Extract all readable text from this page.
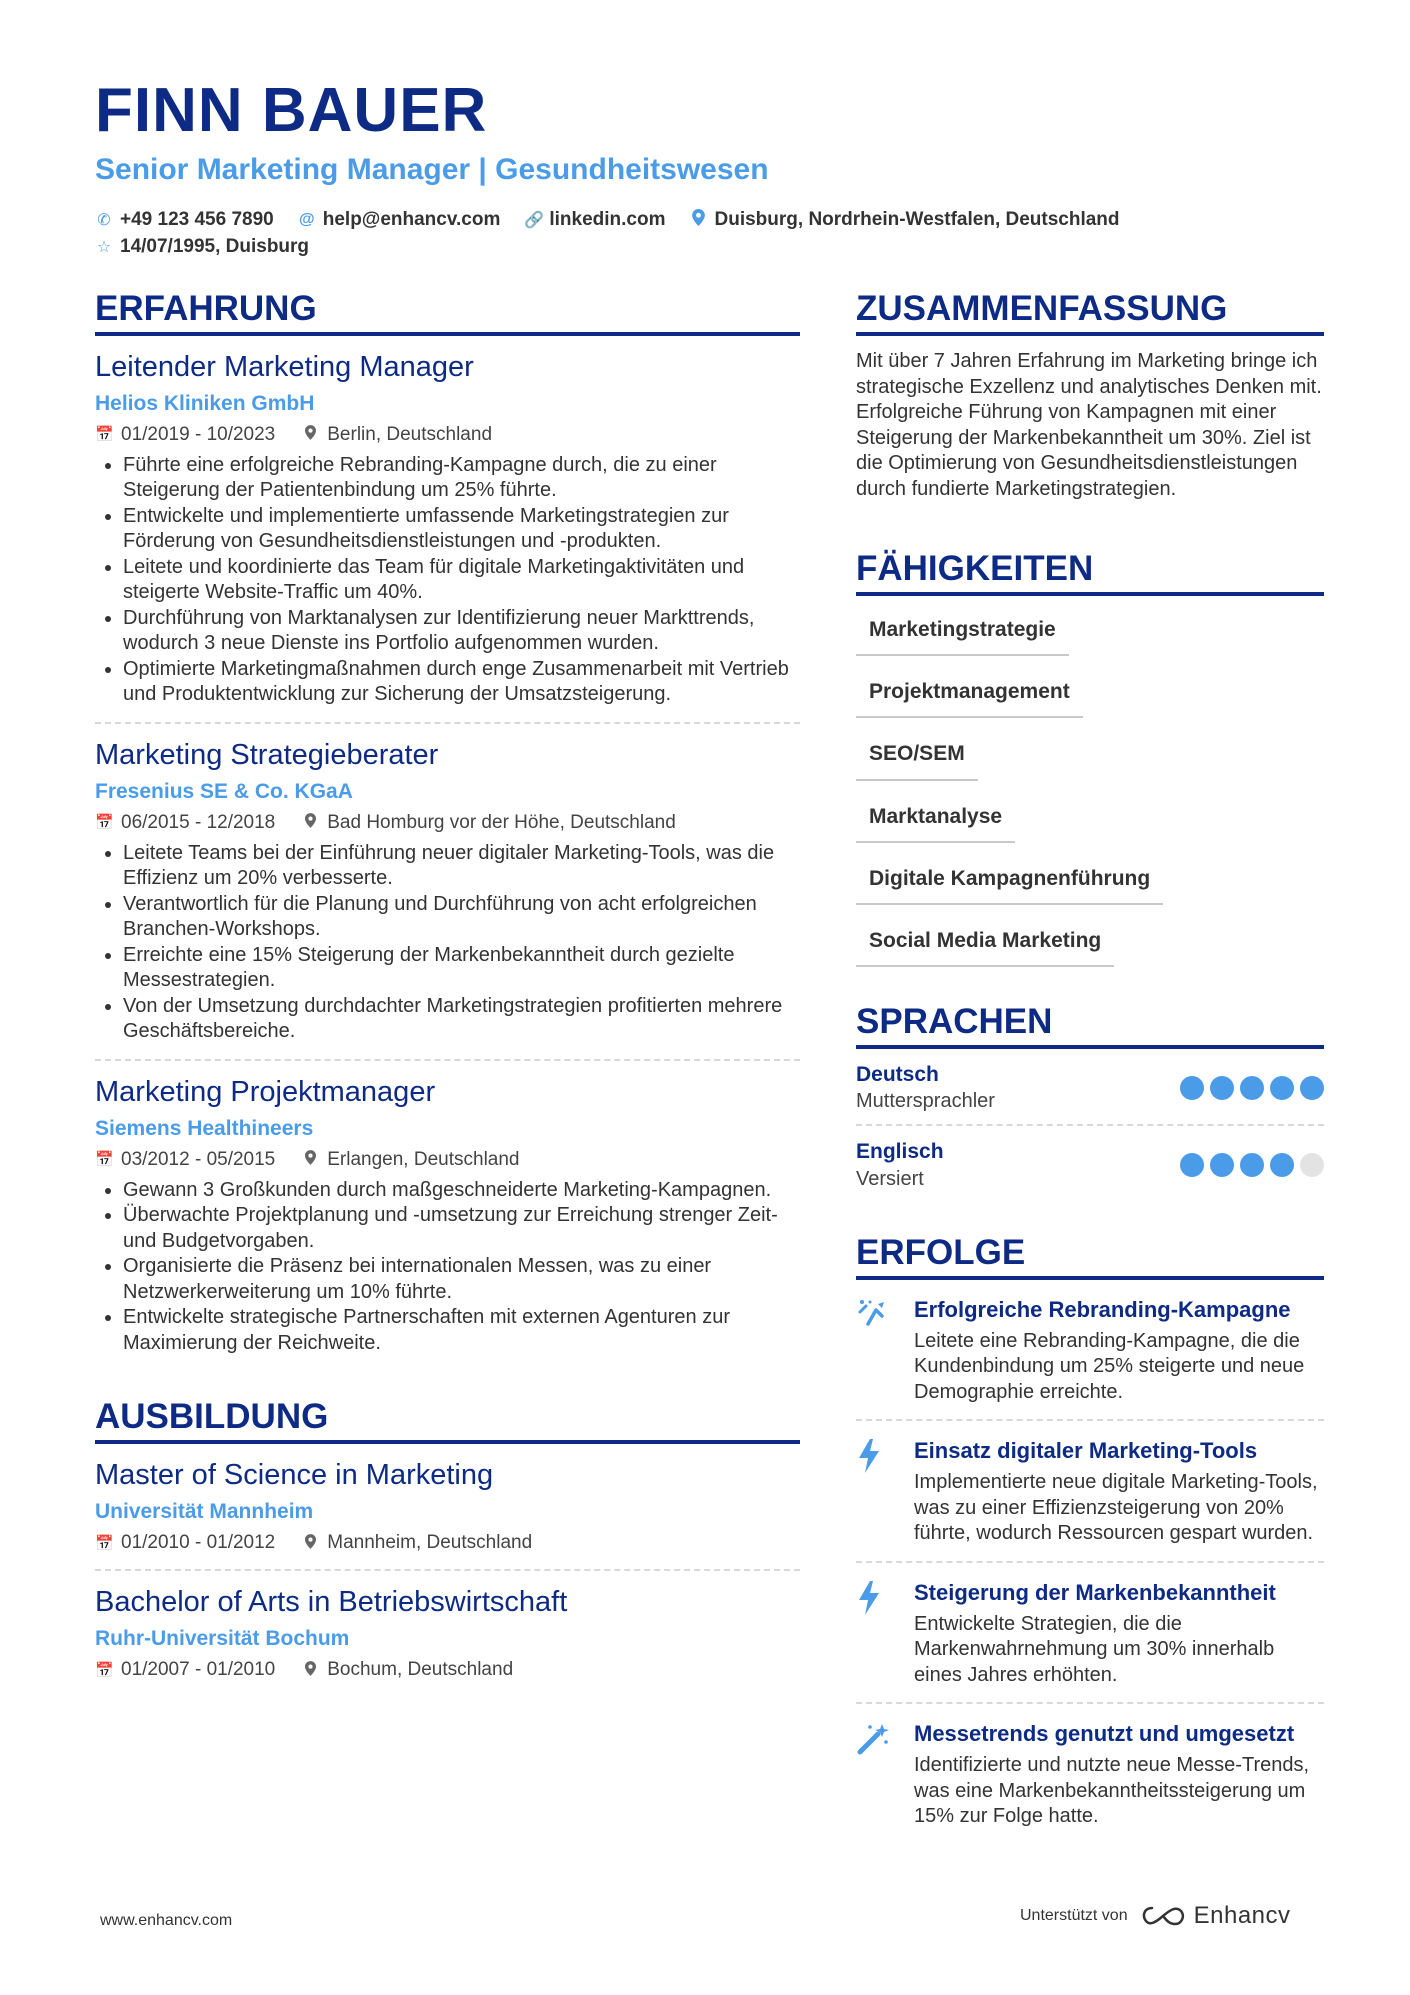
FINN BAUER
Senior Marketing Manager | Gesundheitswesen
✆ +49 123 456 7890 @ help@enhancv.com 🔗 linkedin.com	Duisburg, Nordrhein-Westfalen, Deutschland
☆ 14/07/1995, Duisburg
ERFAHRUNG
Leitender Marketing Manager
Helios Kliniken GmbH
📅 01/2019 - 10/2023	Berlin, Deutschland
• Führte eine erfolgreiche Rebranding-Kampagne durch, die zu einer Steigerung der Patientenbindung um 25% führte.
• Entwickelte und implementierte umfassende Marketingstrategien zur Förderung von Gesundheitsdienstleistungen und -produkten.
• Leitete und koordinierte das Team für digitale Marketingaktivitäten und steigerte Website-Traffic um 40%.
• Durchführung von Marktanalysen zur Identifizierung neuer Markttrends, wodurch 3 neue Dienste ins Portfolio aufgenommen wurden.
• Optimierte Marketingmaßnahmen durch enge Zusammenarbeit mit Vertrieb und Produktentwicklung zur Sicherung der Umsatzsteigerung.
Marketing Strategieberater
Fresenius SE & Co. KGaA
📅 06/2015 - 12/2018	Bad Homburg vor der Höhe, Deutschland
• Leitete Teams bei der Einführung neuer digitaler Marketing-Tools, was die Effizienz um 20% verbesserte.
• Verantwortlich für die Planung und Durchführung von acht erfolgreichen Branchen-Workshops.
• Erreichte eine 15% Steigerung der Markenbekanntheit durch gezielte Messestrategien.
• Von der Umsetzung durchdachter Marketingstrategien profitierten mehrere Geschäftsbereiche.
Marketing Projektmanager
Siemens Healthineers
📅 03/2012 - 05/2015	Erlangen, Deutschland
• Gewann 3 Großkunden durch maßgeschneiderte Marketing-Kampagnen.
• Überwachte Projektplanung und -umsetzung zur Erreichung strenger Zeit- und Budgetvorgaben.
• Organisierte die Präsenz bei internationalen Messen, was zu einer Netzwerkerweiterung um 10% führte.
• Entwickelte strategische Partnerschaften mit externen Agenturen zur Maximierung der Reichweite.
AUSBILDUNG
Master of Science in Marketing
Universität Mannheim
📅 01/2010 - 01/2012	Mannheim, Deutschland
Bachelor of Arts in Betriebswirtschaft
Ruhr-Universität Bochum
📅 01/2007 - 01/2010	Bochum, Deutschland
ZUSAMMENFASSUNG
Mit über 7 Jahren Erfahrung im Marketing bringe ich strategische Exzellenz und analytisches Denken mit. Erfolgreiche Führung von Kampagnen mit einer Steigerung der Markenbekanntheit um 30%. Ziel ist die Optimierung von Gesundheitsdienstleistungen durch fundierte Marketingstrategien.
FÄHIGKEITEN
Marketingstrategie
Projektmanagement
SEO/SEM
Marktanalyse
Digitale Kampagnenführung
Social Media Marketing
SPRACHEN
Deutsch
Muttersprachler
Englisch
Versiert
ERFOLGE
Erfolgreiche Rebranding-Kampagne
Leitete eine Rebranding-Kampagne, die die Kundenbindung um 25% steigerte und neue Demographie erreichte.
Einsatz digitaler Marketing-Tools
Implementierte neue digitale Marketing-Tools, was zu einer Effizienzsteigerung von 20% führte, wodurch Ressourcen gespart wurden.
Steigerung der Markenbekanntheit
Entwickelte Strategien, die die Markenwahrnehmung um 30% innerhalb eines Jahres erhöhten.
Messetrends genutzt und umgesetzt
Identifizierte und nutzte neue Messe-Trends, was eine Markenbekanntheitssteigerung um 15% zur Folge hatte.
www.enhancv.com	Unterstützt von	Enhancv
